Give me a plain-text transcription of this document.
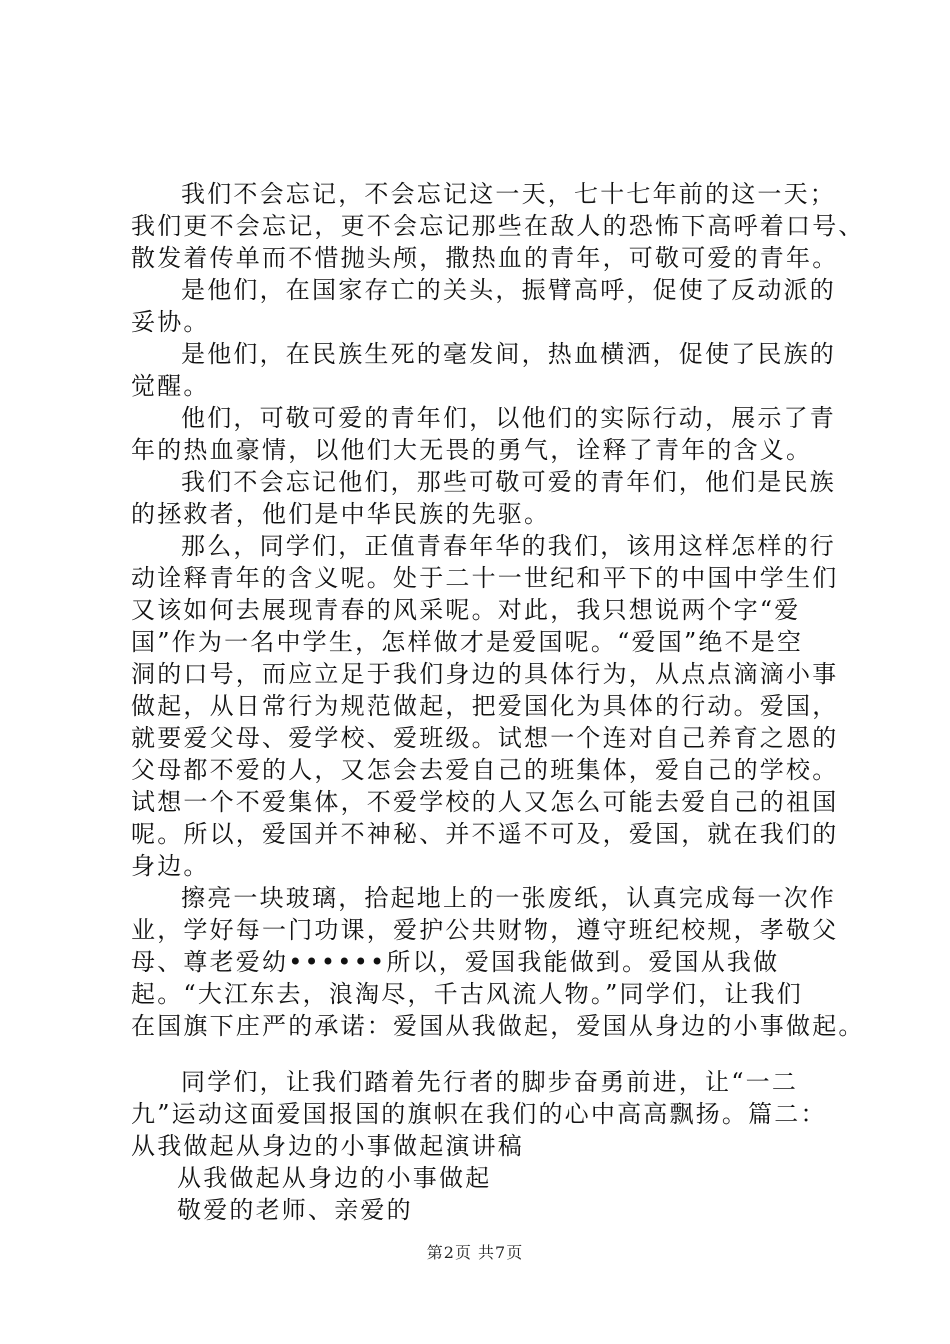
我们不会忘记，不会忘记这一天，七十七年前的这一天；
我们更不会忘记，更不会忘记那些在敌人的恐怖下高呼着口号、
散发着传单而不惜抛头颅，撒热血的青年，可敬可爱的青年。
是他们，在国家存亡的关头，振臂高呼，促使了反动派的
妥协。
是他们，在民族生死的毫发间，热血横洒，促使了民族的
觉醒。
他们，可敬可爱的青年们，以他们的实际行动，展示了青
年的热血豪情，以他们大无畏的勇气，诠释了青年的含义。
我们不会忘记他们，那些可敬可爱的青年们，他们是民族
的拯救者，他们是中华民族的先驱。
那么，同学们，正值青春年华的我们，该用这样怎样的行
动诠释青年的含义呢。处于二十一世纪和平下的中国中学生们
又该如何去展现青春的风采呢。对此，我只想说两个字“爱
国”作为一名中学生，怎样做才是爱国呢。“爱国”绝不是空
洞的口号，而应立足于我们身边的具体行为，从点点滴滴小事
做起，从日常行为规范做起，把爱国化为具体的行动。爱国，
就要爱父母、爱学校、爱班级。试想一个连对自己养育之恩的
父母都不爱的人，又怎会去爱自己的班集体，爱自己的学校。
试想一个不爱集体，不爱学校的人又怎么可能去爱自己的祖国
呢。所以，爱国并不神秘、并不遥不可及，爱国，就在我们的
身边。
擦亮一块玻璃，拾起地上的一张废纸，认真完成每一次作
业，学好每一门功课，爱护公共财物，遵守班纪校规，孝敬父
母、尊老爱幼••••••所以，爱国我能做到。爱国从我做
起。“大江东去，浪淘尽，千古风流人物。”同学们，让我们
在国旗下庄严的承诺：爱国从我做起，爱国从身边的小事做起。
同学们，让我们踏着先行者的脚步奋勇前进，让“一二
九”运动这面爱国报国的旗帜在我们的心中高高飘扬。篇二：
从我做起从身边的小事做起演讲稿
从我做起从身边的小事做起
敬爱的老师、亲爱的
第2页 共7页
